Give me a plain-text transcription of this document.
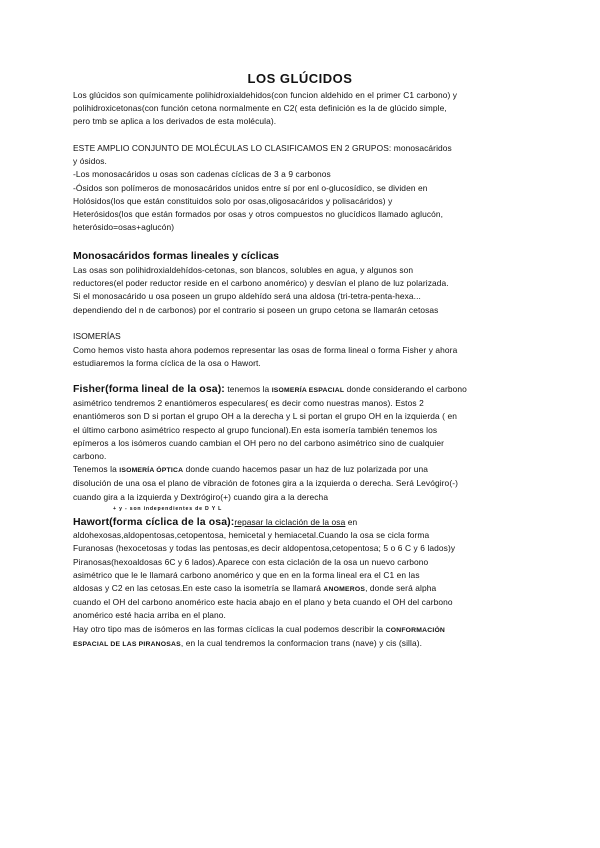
LOS GLÚCIDOS
Los glúcidos son químicamente polihidroxialdehidos(con funcion aldehido en el primer C1 carbono) y
polihidroxicetonas(con función cetona normalmente en C2( esta definición es la de glúcido simple,
pero tmb se aplica a los derivados de esta molécula).
ESTE AMPLIO CONJUNTO DE MOLÉCULAS LO CLASIFICAMOS EN 2 GRUPOS: monosacáridos
y ósidos.
-Los monosacáridos u osas son cadenas cíclicas de 3 a 9 carbonos
-Ósidos son polímeros de monosacáridos unidos entre sí por enl o-glucosídico, se dividen en
Holósidos(los que están constituidos solo por osas,oligosacáridos y polisacáridos) y
Heterósidos(los que están formados por osas y otros compuestos no glucídicos llamado aglucón,
heterósido=osas+aglucón)
Monosacáridos formas lineales y cíclicas
Las osas son polihidroxialdehídos-cetonas, son blancos, solubles en agua, y algunos son
reductores(el poder reductor reside en el carbono anomérico) y desvían el plano de luz polarizada.
Si el monosacárido u osa poseen un grupo aldehído será una aldosa (tri-tetra-penta-hexa...
dependiendo del n de carbonos) por el contrario si poseen un grupo cetona se llamarán cetosas
ISOMERÍAS
Como hemos visto hasta ahora podemos representar las osas de forma lineal o forma Fisher y ahora
estudiaremos la forma cíclica de la osa o Hawort.
Fisher(forma lineal de la osa): tenemos la ISOMERÍA ESPACIAL donde considerando el carbono
asimétrico tendremos 2 enantiómeros especulares( es decir como nuestras manos). Estos 2
enantiómeros son D si portan el grupo OH a la derecha y L si portan el grupo OH en la izquierda ( en
el último carbono asimétrico respecto al grupo funcional).En esta isomería también tenemos los
epímeros a los isómeros cuando cambian el OH pero no del carbono asimétrico sino de cualquier
carbono.
Tenemos la ISOMERÍA ÓPTICA donde cuando hacemos pasar un haz de luz polarizada por una
disolución de una osa el plano de vibración de fotones gira a la izquierda o derecha. Será Levógiro(-)
cuando gira a la izquierda y Dextrógiro(+) cuando gira a la derecha
+ y - son independientes de D Y L
Hawort(forma cíclica de la osa):repasar la ciclación de la osa en
aldohexosas,aldopentosas,cetopentosa, hemicetal y hemiacetal.Cuando la osa se cicla forma
Furanosas (hexocetosas y todas las pentosas,es decir aldopentosa,cetopentosa; 5 o 6 C y 6 lados)y
Piranosas(hexoaldosas 6C y 6 lados).Aparece con esta ciclación de la osa un nuevo carbono
asimétrico que le le llamará carbono anomérico y que en en la forma lineal era el C1 en las
aldosas y C2 en las cetosas.En este caso la isometría se llamará ANOMEROS, donde será alpha
cuando el OH del carbono anomérico este hacia abajo en el plano y beta cuando el OH del carbono
anomérico esté hacia arriba en el plano.
Hay otro tipo mas de isómeros en las formas cíclicas la cual podemos describir la CONFORMACIÓN
ESPACIAL DE LAS PIRANOSAS, en la cual tendremos la conformacion trans (nave) y cis (silla).
